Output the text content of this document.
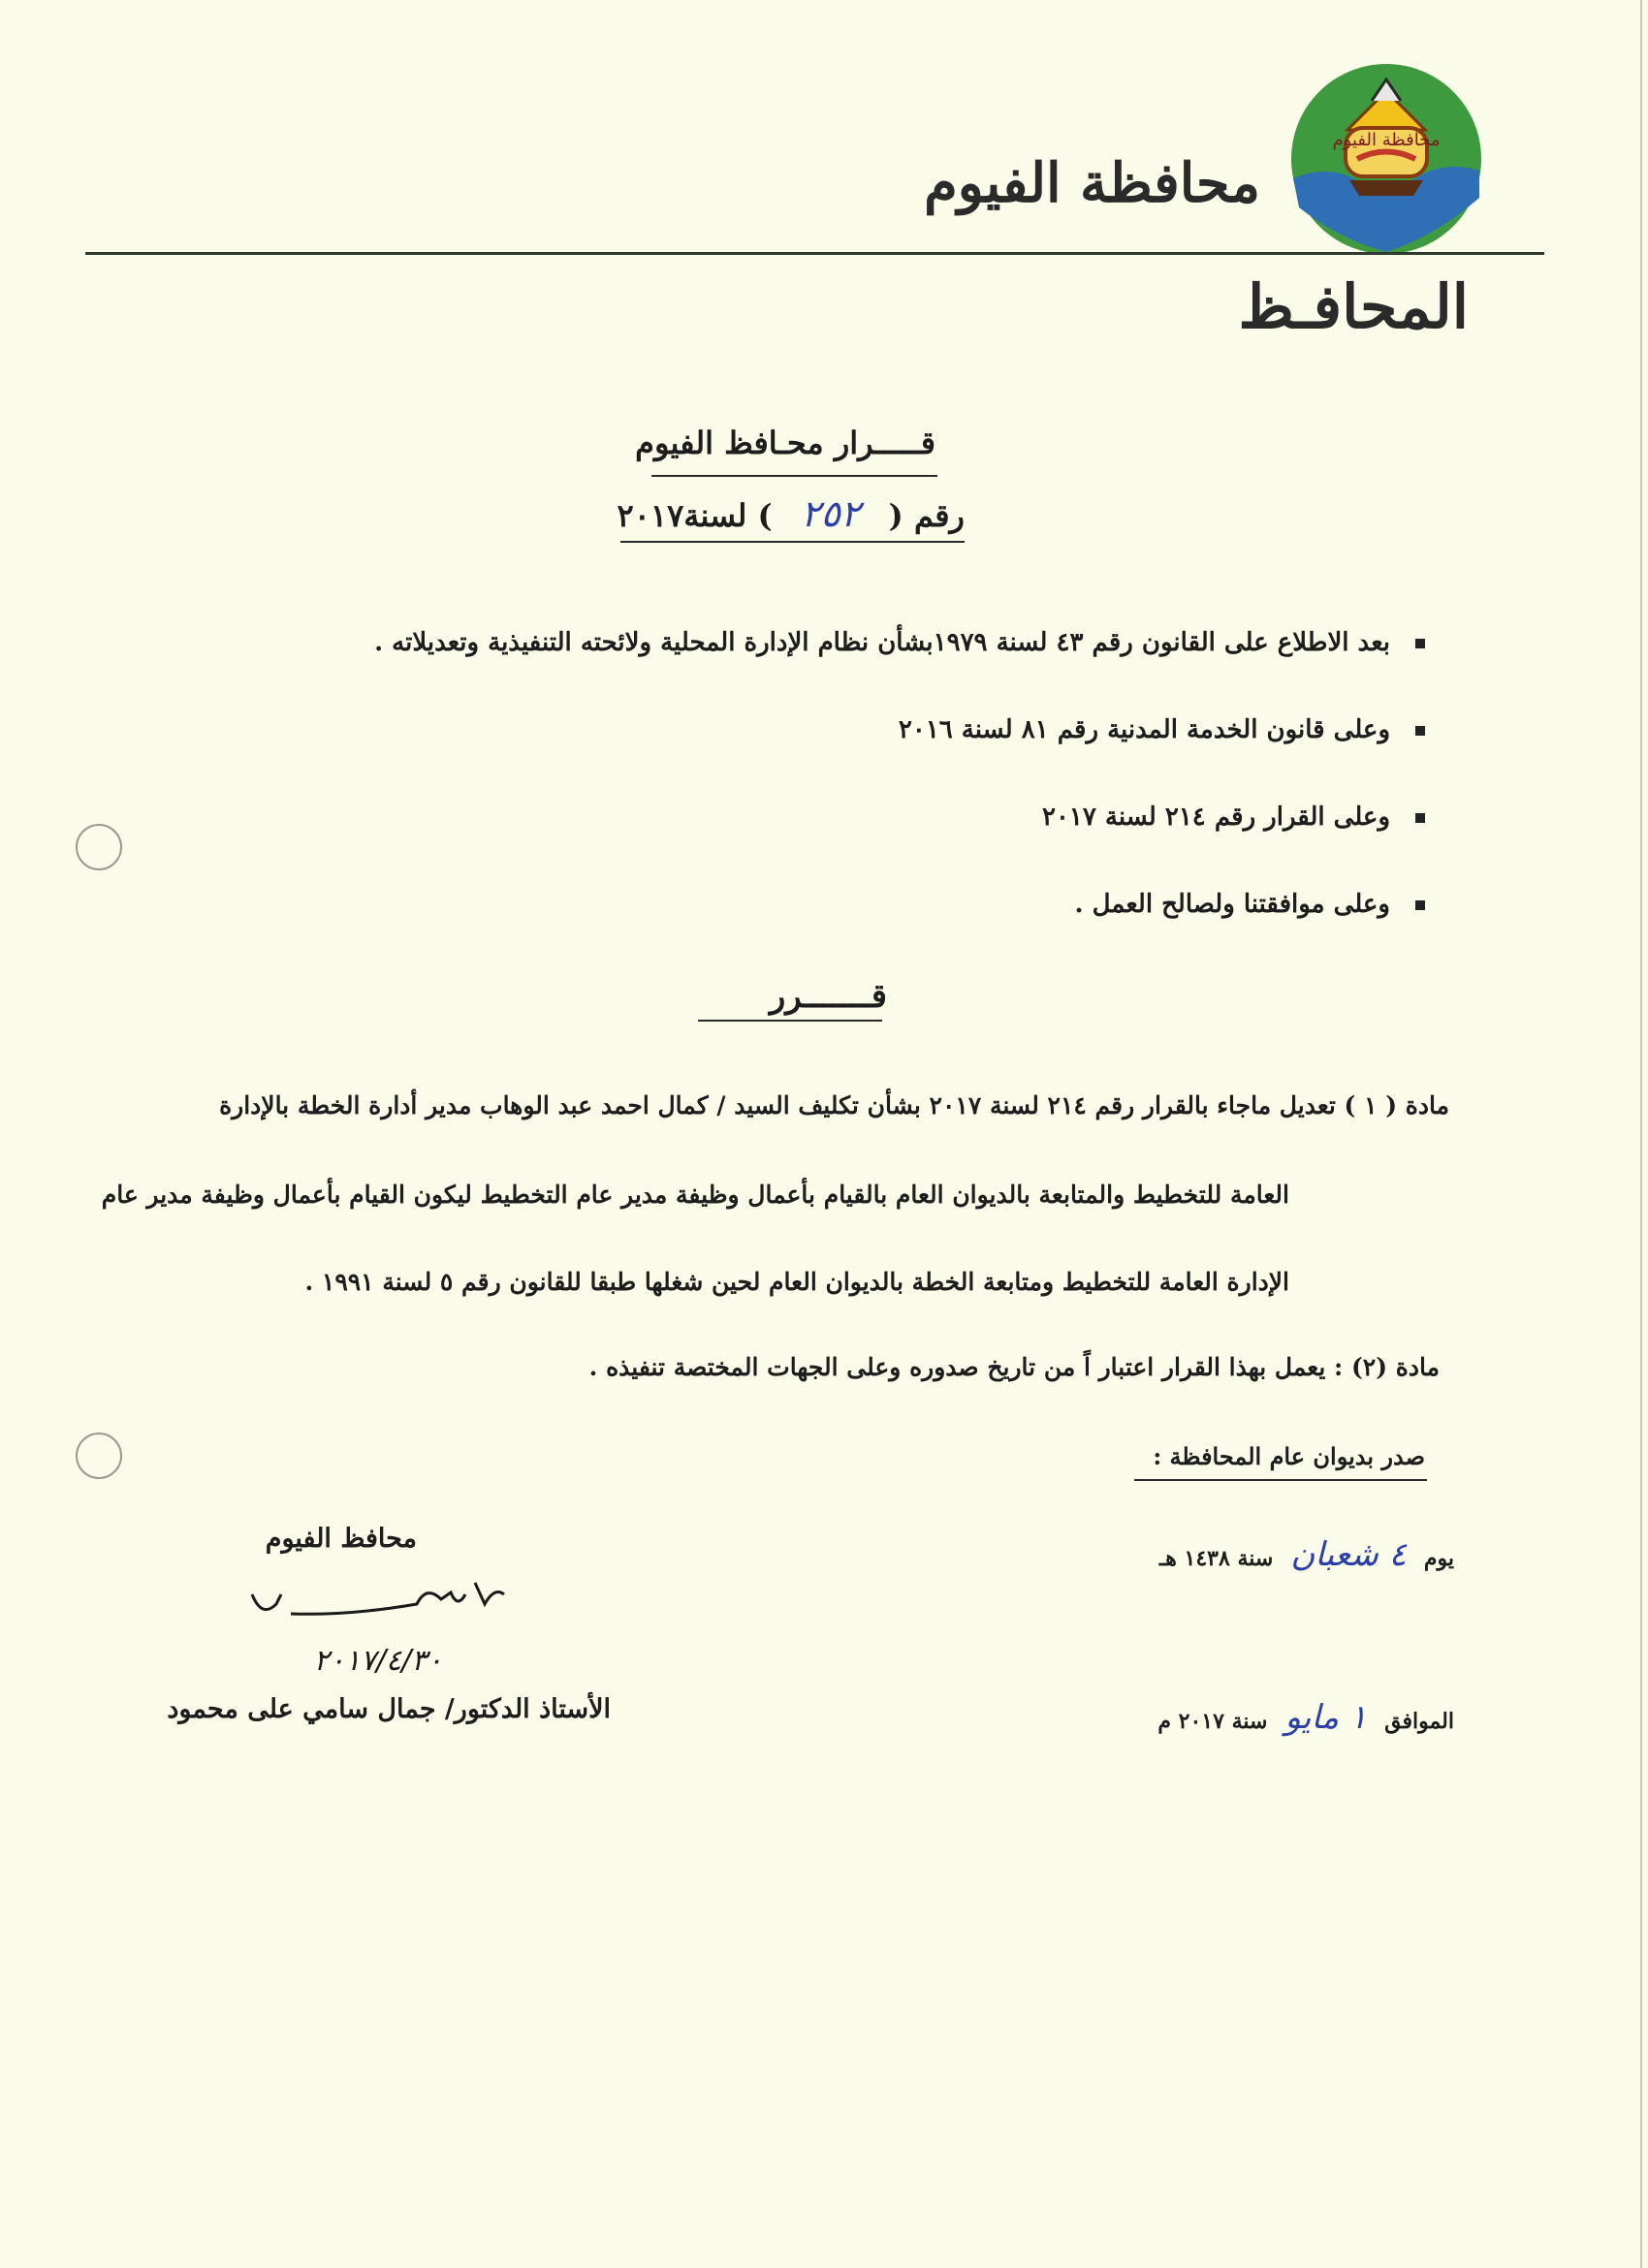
محافظة الفيوم
محافظة الفيوم
المحافـظ
قـــــرار محـافظ الفيوم
رقم (٢٥٢) لسنة٢٠١٧
بعد الاطلاع على القانون رقم ٤٣ لسنة ١٩٧٩بشأن نظام الإدارة المحلية ولائحته التنفيذية وتعديلاته .
وعلى قانون الخدمة المدنية رقم ٨١ لسنة ٢٠١٦
وعلى القرار رقم ٢١٤ لسنة ٢٠١٧
وعلى موافقتنا ولصالح العمل .
قـــــــرر
مادة ( ١ ) تعديل ماجاء بالقرار رقم ٢١٤ لسنة ٢٠١٧ بشأن تكليف السيد / كمال احمد عبد الوهاب مدير أدارة الخطة بالإدارة
العامة للتخطيط والمتابعة بالديوان العام بالقيام بأعمال وظيفة مدير عام التخطيط ليكون القيام بأعمال وظيفة مدير عام
الإدارة العامة للتخطيط ومتابعة الخطة بالديوان العام لحين شغلها طبقا للقانون رقم ٥ لسنة ١٩٩١ .
مادة (٢) : يعمل بهذا القرار اعتبار اً من تاريخ صدوره وعلى الجهات المختصة تنفيذه .
صدر بديوان عام المحافظة :
يوم٤ شعبانسنة ١٤٣٨ هـ
الموافق١ مايوسنة ٢٠١٧ م
محافظ الفيوم
٢٠١٧/٤/٣٠
الأستاذ الدكتور/ جمال سامي على محمود
